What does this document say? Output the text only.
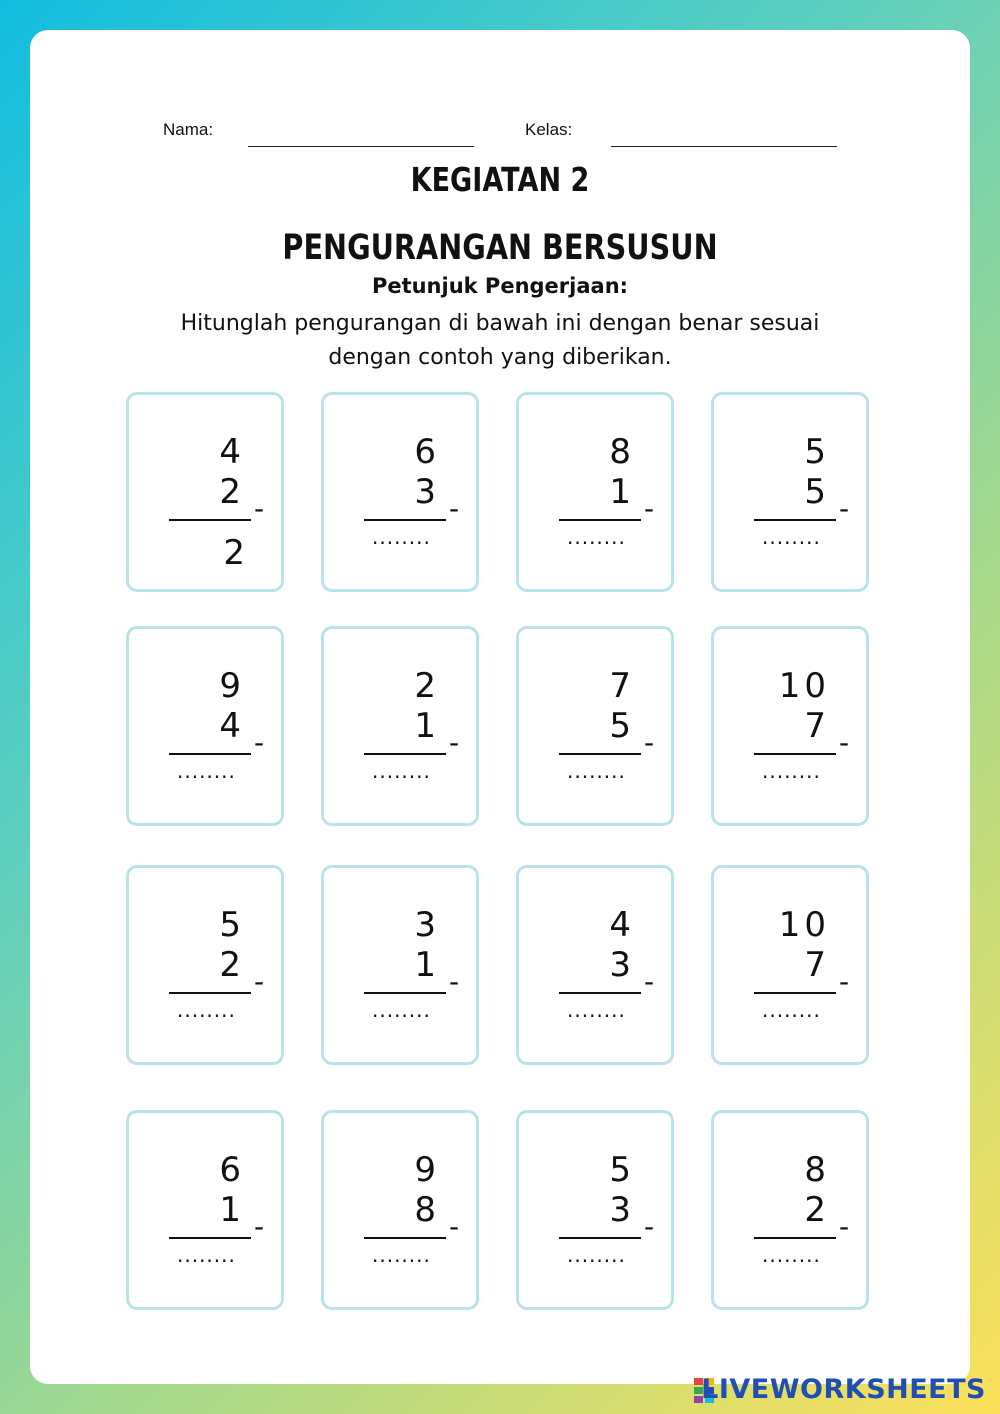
Nama:	Kelas:
KEGIATAN 2
PENGURANGAN BERSUSUN
Petunjuk Pengerjaan:
Hitunglah pengurangan di bawah ini dengan benar sesuai
dengan contoh yang diberikan.
4
2 -
2
6
3 -
........
8
1 -
........
5
5 -
........
9
4 -
........
2
1 -
........
7
5 -
........
10
7 -
........
5
2 -
........
3
1 -
........
4
3 -
........
10
7 -
........
6
1 -
........
9
8 -
........
5
3 -
........
8
2 -
........
LIVEWORKSHEETS
